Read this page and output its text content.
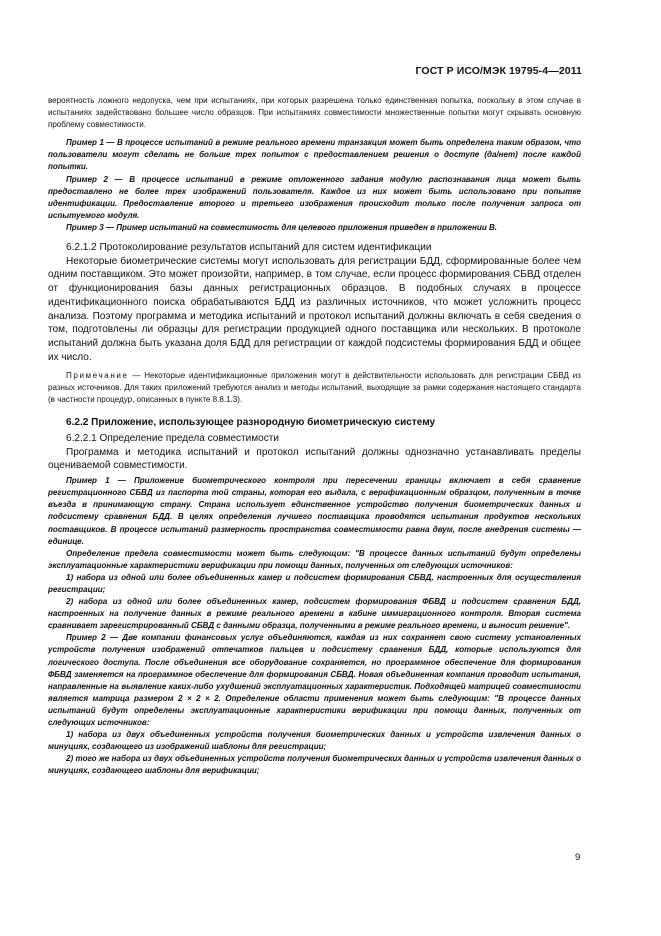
ГОСТ Р ИСО/МЭК 19795-4—2011

вероятность ложного недопуска, чем при испытаниях, при которых разрешена только единственная попытка, поскольку в этом случае в испытаниях задействовано большее число образцов. При испытаниях совместимости множественные попытки могут скрывать основную проблему совместимости.

Пример 1 — В процессе испытаний в режиме реального времени транзакция может быть определена таким образом, что пользователи могут сделать не больше трех попыток с предоставлением решения о доступе (да/нет) после каждой попытки.

Пример 2 — В процессе испытаний в режиме отложенного задания модулю распознавания лица может быть предоставлено не более трех изображений пользователя. Каждое из них может быть использовано при попытке идентификации. Предоставление второго и третьего изображения происходит только после получения запроса от испытуемого модуля.

Пример 3 — Пример испытаний на совместимость для целевого приложения приведен в приложении В.

6.2.1.2 Протоколирование результатов испытаний для систем идентификации

Некоторые биометрические системы могут использовать для регистрации БДД, сформированные более чем одним поставщиком. Это может произойти, например, в том случае, если процесс формирования СБВД отделен от функционирования базы данных регистрационных образцов. В подобных случаях в процессе идентификационного поиска обрабатываются БДД из различных источников, что может усложнить процесс анализа. Поэтому программа и методика испытаний и протокол испытаний должны включать в себя сведения о том, подготовлены ли образцы для регистрации продукцией одного поставщика или нескольких. В протоколе испытаний должна быть указана доля БДД для регистрации от каждой подсистемы формирования БДД и общее их число.

Примечание — Некоторые идентификационные приложения могут в действительности использовать для регистрации СБВД из разных источников. Для таких приложений требуются анализ и методы испытаний, выходящие за рамки содержания настоящего стандарта (в частности процедур, описанных в пункте 8.8.1.3).

6.2.2 Приложение, использующее разнородную биометрическую систему

6.2.2.1 Определение предела совместимости

Программа и методика испытаний и протокол испытаний должны однозначно устанавливать пределы оцениваемой совместимости.

Пример 1 — Приложение биометрического контроля при пересечении границы включает в себя сравнение регистрационного СБВД из паспорта той страны, которая его выдала, с верификационным образцом, полученным в точке въезда в принимающую страну. Страна использует единственное устройство получения биометрических данных и подсистему сравнения БДД. В целях определения лучшего поставщика проводятся испытания продуктов нескольких поставщиков. В процессе испытаний размерность пространства совместимости равна двум, после внедрения системы — единице.

Определение предела совместимости может быть следующим: "В процессе данных испытаний будут определены эксплуатационные характеристики верификации при помощи данных, полученных от следующих источников:

1) набора из одной или более объединенных камер и подсистем формирования СБВД, настроенных для осуществления регистрации;

2) набора из одной или более объединенных камер, подсистем формирования ФБВД и подсистем сравнения БДД, настроенных на получение данных в режиме реального времени в кабине иммиграционного контроля. Вторая система сравнивает зарегистрированный СБВД с данными образца, полученными в режиме реального времени, и выносит решение".

Пример 2 — Две компании финансовых услуг объединяются, каждая из них сохраняет свою систему установленных устройств получения изображений отпечатков пальцев и подсистему сравнения БДД, которые используются для логического доступа. После объединения все оборудование сохраняется, но программное обеспечение для формирования ФБВД заменяется на программное обеспечение для формирования СБВД. Новая объединенная компания проводит испытания, направленные на выявление каких-либо ухудшений эксплуатационных характеристик. Подходящей матрицей совместимости является матрица размером 2 × 2 × 2. Определение области применения может быть следующим: "В процессе данных испытаний будут определены эксплуатационные характеристики верификации при помощи данных, полученных от следующих источников:

1) набора из двух объединенных устройств получения биометрических данных и устройств извлечения данных о минуциях, создающего из изображений шаблоны для регистрации;

2) того же набора из двух объединенных устройств получения биометрических данных и устройств извлечения данных о минуциях, создающего шаблоны для верификации;

9
